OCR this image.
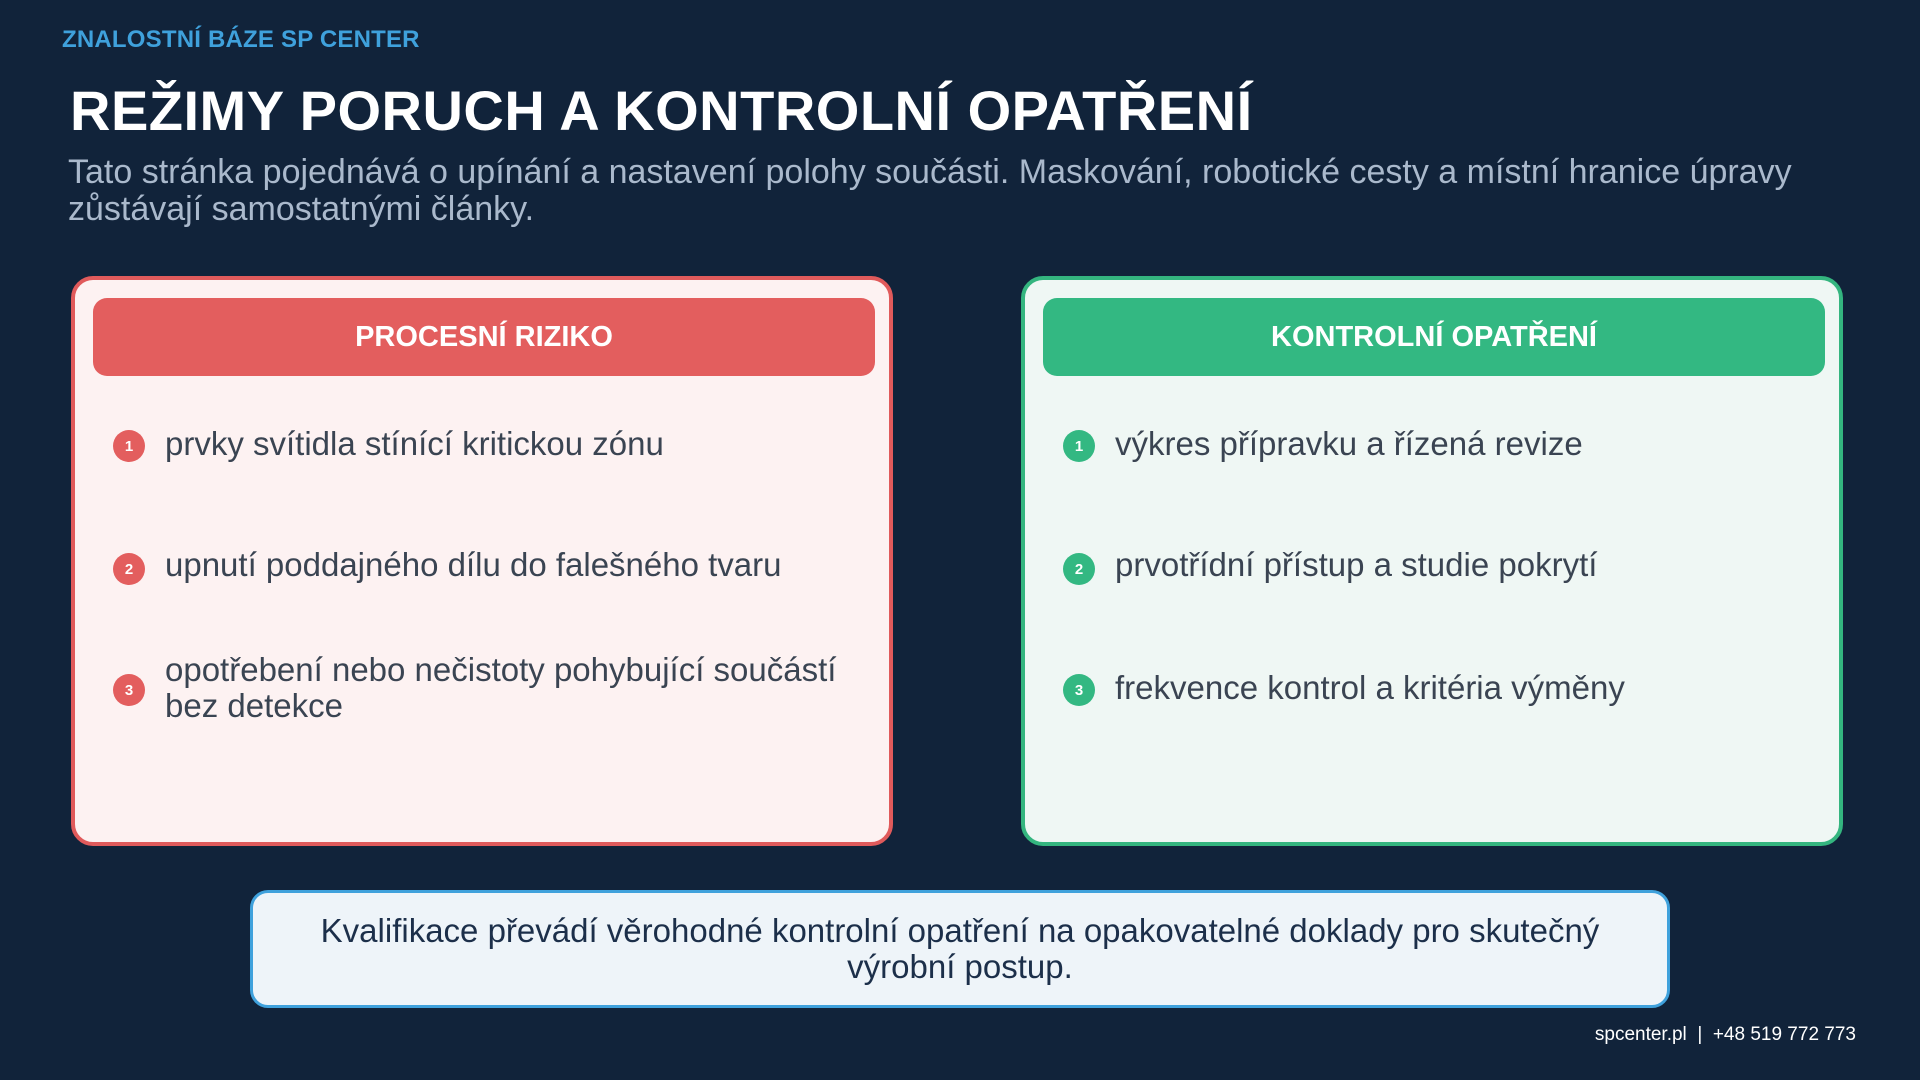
ZNALOSTNÍ BÁZE SP CENTER
REŽIMY PORUCH A KONTROLNÍ OPATŘENÍ
Tato stránka pojednává o upínání a nastavení polohy součásti. Maskování, robotické cesty a místní hranice úpravy zůstávají samostatnými články.
PROCESNÍ RIZIKO
1 prvky svítidla stínící kritickou zónu
2 upnutí poddajného dílu do falešného tvaru
3
opotřebení nebo nečistoty pohybující součástí bez detekce
KONTROLNÍ OPATŘENÍ
1 výkres přípravku a řízená revize
2 prvotřídní přístup a studie pokrytí
3 frekvence kontrol a kritéria výměny
Kvalifikace převádí věrohodné kontrolní opatření na opakovatelné doklady pro skutečný výrobní postup.
spcenter.pl  |  +48 519 772 773
